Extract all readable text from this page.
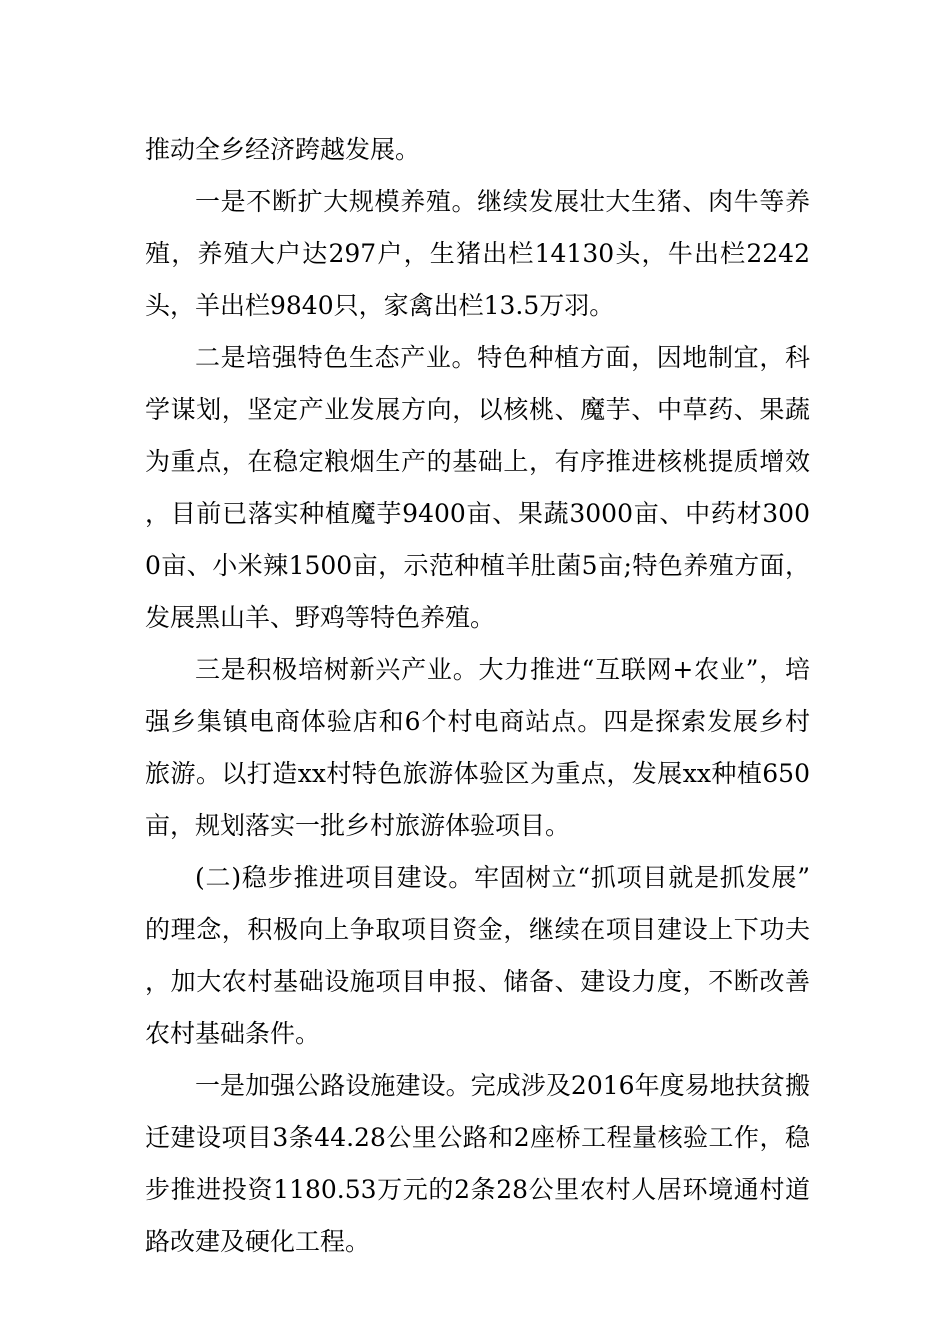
推动全乡经济跨越发展。

一是不断扩大规模养殖。继续发展壮大生猪、肉牛等养殖，养殖大户达297户，生猪出栏14130头，牛出栏2242头，羊出栏9840只，家禽出栏13.5万羽。

二是培强特色生态产业。特色种植方面，因地制宜，科学谋划，坚定产业发展方向，以核桃、魔芋、中草药、果蔬为重点，在稳定粮烟生产的基础上，有序推进核桃提质增效，目前已落实种植魔芋9400亩、果蔬3000亩、中药材3000亩、小米辣1500亩，示范种植羊肚菌5亩;特色养殖方面，发展黑山羊、野鸡等特色养殖。

三是积极培树新兴产业。大力推进“互联网+农业”，培强乡集镇电商体验店和6个村电商站点。四是探索发展乡村旅游。以打造xx村特色旅游体验区为重点，发展xx种植650亩，规划落实一批乡村旅游体验项目。

(二)稳步推进项目建设。牢固树立“抓项目就是抓发展”的理念，积极向上争取项目资金，继续在项目建设上下功夫，加大农村基础设施项目申报、储备、建设力度，不断改善农村基础条件。

一是加强公路设施建设。完成涉及2016年度易地扶贫搬迁建设项目3条44.28公里公路和2座桥工程量核验工作，稳步推进投资1180.53万元的2条28公里农村人居环境通村道路改建及硬化工程。
